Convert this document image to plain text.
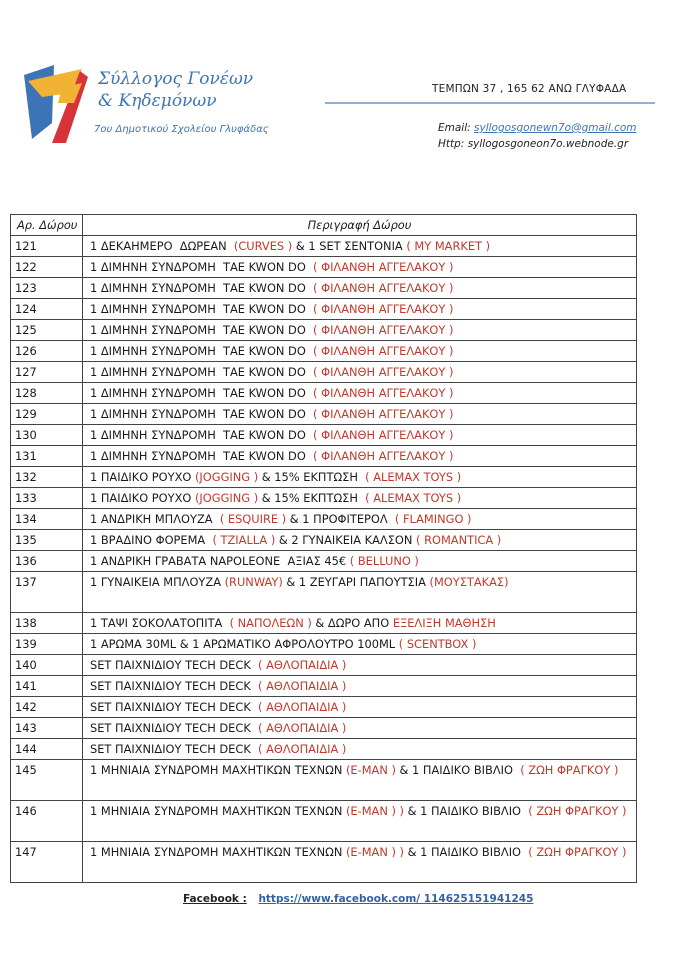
Σύλλογος Γονέων
& Κηδεμόνων
7ου Δημοτικού Σχολείου Γλυφάδας
ΤΕΜΠΩΝ 37 , 165 62 ΑΝΩ ΓΛΥΦΑΔΑ
Email: syllogosgonewn7o@gmail.com
Http: syllogosgoneon7o.webnode.gr
Αρ. Δώρου	Περιγραφή Δώρου
121	1 ΔΕΚΑΗΜΕΡΟ  ΔΩΡΕΑΝ  (CURVES ) & 1 SET ΣΕΝΤΟΝΙΑ ( MY MARKET )
122	1 ΔΙΜΗΝΗ ΣΥΝΔΡΟΜΗ  ΤΑΕ KWON DO  ( ΦΙΛΑΝΘΗ ΑΓΓΕΛΑΚΟΥ )
123	1 ΔΙΜΗΝΗ ΣΥΝΔΡΟΜΗ  ΤΑΕ KWON DO  ( ΦΙΛΑΝΘΗ ΑΓΓΕΛΑΚΟΥ )
124	1 ΔΙΜΗΝΗ ΣΥΝΔΡΟΜΗ  ΤΑΕ KWON DO  ( ΦΙΛΑΝΘΗ ΑΓΓΕΛΑΚΟΥ )
125	1 ΔΙΜΗΝΗ ΣΥΝΔΡΟΜΗ  ΤΑΕ KWON DO  ( ΦΙΛΑΝΘΗ ΑΓΓΕΛΑΚΟΥ )
126	1 ΔΙΜΗΝΗ ΣΥΝΔΡΟΜΗ  ΤΑΕ KWON DO  ( ΦΙΛΑΝΘΗ ΑΓΓΕΛΑΚΟΥ )
127	1 ΔΙΜΗΝΗ ΣΥΝΔΡΟΜΗ  ΤΑΕ KWON DO  ( ΦΙΛΑΝΘΗ ΑΓΓΕΛΑΚΟΥ )
128	1 ΔΙΜΗΝΗ ΣΥΝΔΡΟΜΗ  ΤΑΕ KWON DO  ( ΦΙΛΑΝΘΗ ΑΓΓΕΛΑΚΟΥ )
129	1 ΔΙΜΗΝΗ ΣΥΝΔΡΟΜΗ  ΤΑΕ KWON DO  ( ΦΙΛΑΝΘΗ ΑΓΓΕΛΑΚΟΥ )
130	1 ΔΙΜΗΝΗ ΣΥΝΔΡΟΜΗ  ΤΑΕ KWON DO  ( ΦΙΛΑΝΘΗ ΑΓΓΕΛΑΚΟΥ )
131	1 ΔΙΜΗΝΗ ΣΥΝΔΡΟΜΗ  ΤΑΕ KWON DO  ( ΦΙΛΑΝΘΗ ΑΓΓΕΛΑΚΟΥ )
132	1 ΠΑΙΔΙΚΟ ΡΟΥΧΟ (JOGGING ) & 15% ΕΚΠΤΩΣΗ  ( ALEMAX TOYS )
133	1 ΠΑΙΔΙΚΟ ΡΟΥΧΟ (JOGGING ) & 15% ΕΚΠΤΩΣΗ  ( ALEMAX TOYS )
134	1 ΑΝΔΡΙΚΗ ΜΠΛΟΥΖΑ  ( ESQUIRE ) & 1 ΠΡΟΦΙΤΕΡΟΛ  ( FLAMINGO )
135	1 ΒΡΑΔΙΝΟ ΦΟΡΕΜΑ  ( TZIALLA ) & 2 ΓΥΝΑΙΚΕΙΑ ΚΑΛΣΟΝ ( ROMANTICA )
136	1 ΑΝΔΡΙΚΗ ΓΡΑΒΑΤΑ NAPOLEONE  ΑΞΙΑΣ 45€ ( BELLUNO )
137	1 ΓΥΝΑΙΚΕΙΑ ΜΠΛΟΥΖΑ (RUNWAY) & 1 ΖΕΥΓΑΡΙ ΠΑΠΟΥΤΣΙΑ (ΜΟΥΣΤΑΚΑΣ)
138	1 ΤΑΨΙ ΣΟΚΟΛΑΤΟΠΙΤΑ  ( ΝΑΠΟΛΕΩΝ ) & ΔΩΡΟ ΑΠΟ ΕΞΕΛΙΞΗ ΜΑΘΗΣΗ
139	1 ΑΡΩΜΑ 30ML & 1 ΑΡΩΜΑΤΙΚΟ ΑΦΡΟΛΟΥΤΡΟ 100ML ( SCENTBOX )
140	SET ΠΑΙΧΝΙΔΙΟΥ TECH DECK  ( ΑΘΛΟΠΑΙΔΙΑ )
141	SET ΠΑΙΧΝΙΔΙΟΥ TECH DECK  ( ΑΘΛΟΠΑΙΔΙΑ )
142	SET ΠΑΙΧΝΙΔΙΟΥ TECH DECK  ( ΑΘΛΟΠΑΙΔΙΑ )
143	SET ΠΑΙΧΝΙΔΙΟΥ TECH DECK  ( ΑΘΛΟΠΑΙΔΙΑ )
144	SET ΠΑΙΧΝΙΔΙΟΥ TECH DECK  ( ΑΘΛΟΠΑΙΔΙΑ )
145	1 ΜΗΝΙΑΙΑ ΣΥΝΔΡΟΜΗ ΜΑΧΗΤΙΚΩΝ ΤΕΧΝΩΝ (E-MAN ) & 1 ΠΑΙΔΙΚΟ ΒΙΒΛΙΟ  ( ΖΩΗ ΦΡΑΓΚΟΥ )
146	1 ΜΗΝΙΑΙΑ ΣΥΝΔΡΟΜΗ ΜΑΧΗΤΙΚΩΝ ΤΕΧΝΩΝ (E-MAN ) ) & 1 ΠΑΙΔΙΚΟ ΒΙΒΛΙΟ  ( ΖΩΗ ΦΡΑΓΚΟΥ )
147	1 ΜΗΝΙΑΙΑ ΣΥΝΔΡΟΜΗ ΜΑΧΗΤΙΚΩΝ ΤΕΧΝΩΝ (E-MAN ) ) & 1 ΠΑΙΔΙΚΟ ΒΙΒΛΙΟ  ( ΖΩΗ ΦΡΑΓΚΟΥ )
Facebook : https://www.facebook.com/ 114625151941245
